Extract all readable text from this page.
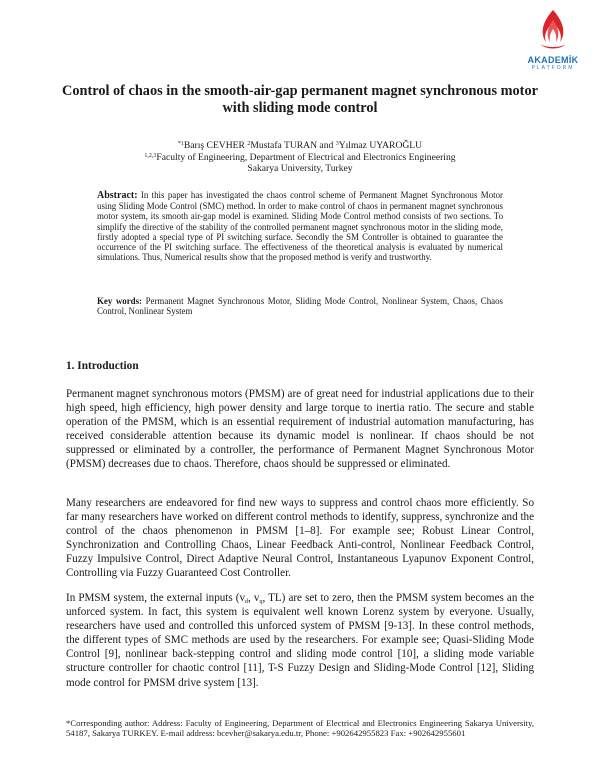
AKADEMİK
PLATFORM
Control of chaos in the smooth-air-gap permanent magnet synchronous motor with sliding mode control
$^{*1}$Barış CEVHER $^2$Mustafa TURAN and $^3$Yılmaz UYAROĞLU
$^{1,2,3}$Faculty of Engineering, Department of Electrical and Electronics Engineering
Sakarya University, Turkey
Abstract: In this paper has investigated the chaos control scheme of Permanent Magnet Synchronous Motor using Sliding Mode Control (SMC) method. In order to make control of chaos in permanent magnet synchronous motor system, its smooth air-gap model is examined. Sliding Mode Control method consists of two sections. To simplify the directive of the stability of the controlled permanent magnet synchronous motor in the sliding mode, firstly adopted a special type of PI switching surface. Secondly the SM Controller is obtained to guarantee the occurrence of the PI switching surface. The effectiveness of the theoretical analysis is evaluated by numerical simulations. Thus, Numerical results show that the proposed method is verify and trustworthy.
Key words: Permanent Magnet Synchronous Motor, Sliding Mode Control, Nonlinear System, Chaos, Chaos Control, Nonlinear System
1. Introduction
Permanent magnet synchronous motors (PMSM) are of great need for industrial applications due to their high speed, high efficiency, high power density and large torque to inertia ratio. The secure and stable operation of the PMSM, which is an essential requirement of industrial automation manufacturing, has received considerable attention because its dynamic model is nonlinear. If chaos should be not suppressed or eliminated by a controller, the performance of Permanent Magnet Synchronous Motor (PMSM) decreases due to chaos. Therefore, chaos should be suppressed or eliminated.
Many researchers are endeavored for find new ways to suppress and control chaos more efficiently. So far many researchers have worked on different control methods to identify, suppress, synchronize and the control of the chaos phenomenon in PMSM [1–8]. For example see; Robust Linear Control, Synchronization and Controlling Chaos, Linear Feedback Anti-control, Nonlinear Feedback Control, Fuzzy Impulsive Control, Direct Adaptive Neural Control, Instantaneous Lyapunov Exponent Control, Controlling via Fuzzy Guaranteed Cost Controller.
In PMSM system, the external inputs ($v_d$, $v_q$, TL) are set to zero, then the PMSM system becomes an the unforced system. In fact, this system is equivalent well known Lorenz system by everyone. Usually, researchers have used and controlled this unforced system of PMSM [9-13]. In these control methods, the different types of SMC methods are used by the researchers. For example see; Quasi-Sliding Mode Control [9], nonlinear back-stepping control and sliding mode control [10], a sliding mode variable structure controller for chaotic control [11], T-S Fuzzy Design and Sliding-Mode Control [12], Sliding mode control for PMSM drive system [13].
*Corresponding author: Address: Faculty of Engineering, Department of Electrical and Electronics Engineering Sakarya University, 54187, Sakarya TURKEY. E-mail address: bcevher@sakarya.edu.tr, Phone: +902642955823 Fax: +902642955601
